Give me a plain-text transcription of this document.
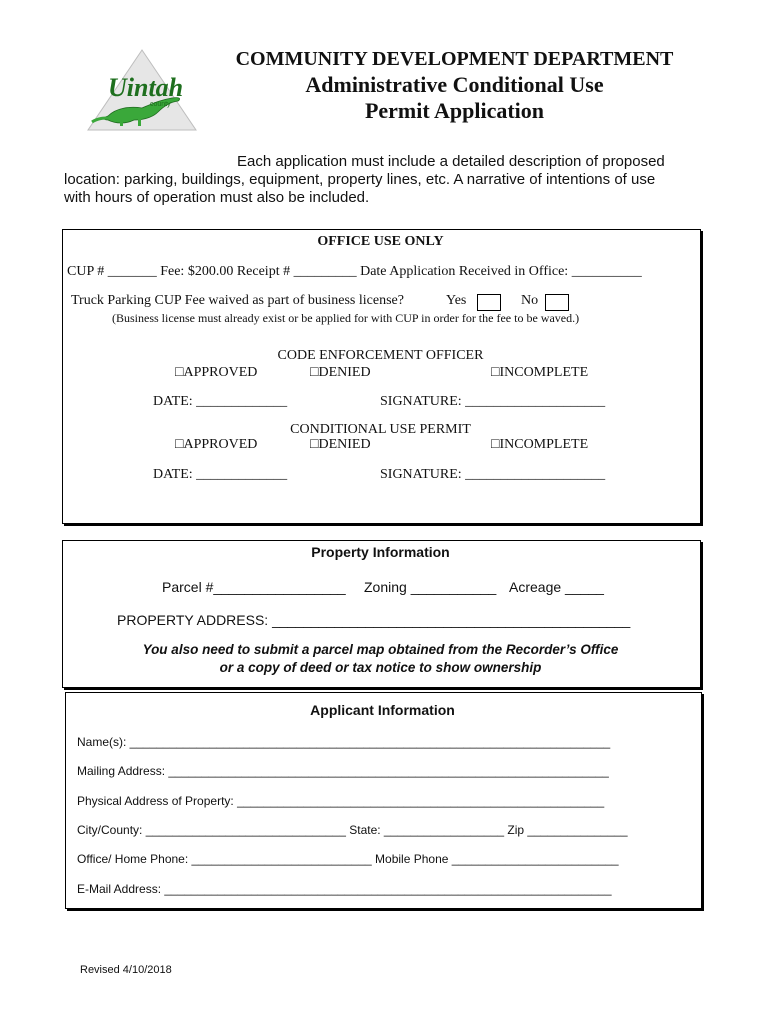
Uintah
county
COMMUNITY DEVELOPMENT DEPARTMENT
Administrative Conditional Use
Permit Application
Each application must include a detailed description of proposed
location: parking, buildings, equipment, property lines, etc. A narrative of intentions of use
with hours of operation must also be included.
OFFICE USE ONLY
CUP # _______ Fee: $200.00 Receipt # _________ Date Application Received in Office: __________
Truck Parking CUP Fee waived as part of business license?	Yes	No
(Business license must already exist or be applied for with CUP in order for the fee to be waved.)
CODE ENFORCEMENT OFFICER
□APPROVED	□DENIED	□INCOMPLETE
DATE: _____________	SIGNATURE: ____________________
CONDITIONAL USE PERMIT
□APPROVED	□DENIED	□INCOMPLETE
DATE: _____________	SIGNATURE: ____________________
Property Information
Parcel #_________________ Zoning ___________ Acreage _____
PROPERTY ADDRESS: ______________________________________________
You also need to submit a parcel map obtained from the Recorder’s Office
or a copy of deed or tax notice to show ownership
Applicant Information
Name(s): ________________________________________________________________________
Mailing Address: __________________________________________________________________
Physical Address of Property: _______________________________________________________
City/County: ______________________________ State: __________________ Zip _______________
Office/ Home Phone: ___________________________ Mobile Phone _________________________
E-Mail Address: ___________________________________________________________________
Revised 4/10/2018
